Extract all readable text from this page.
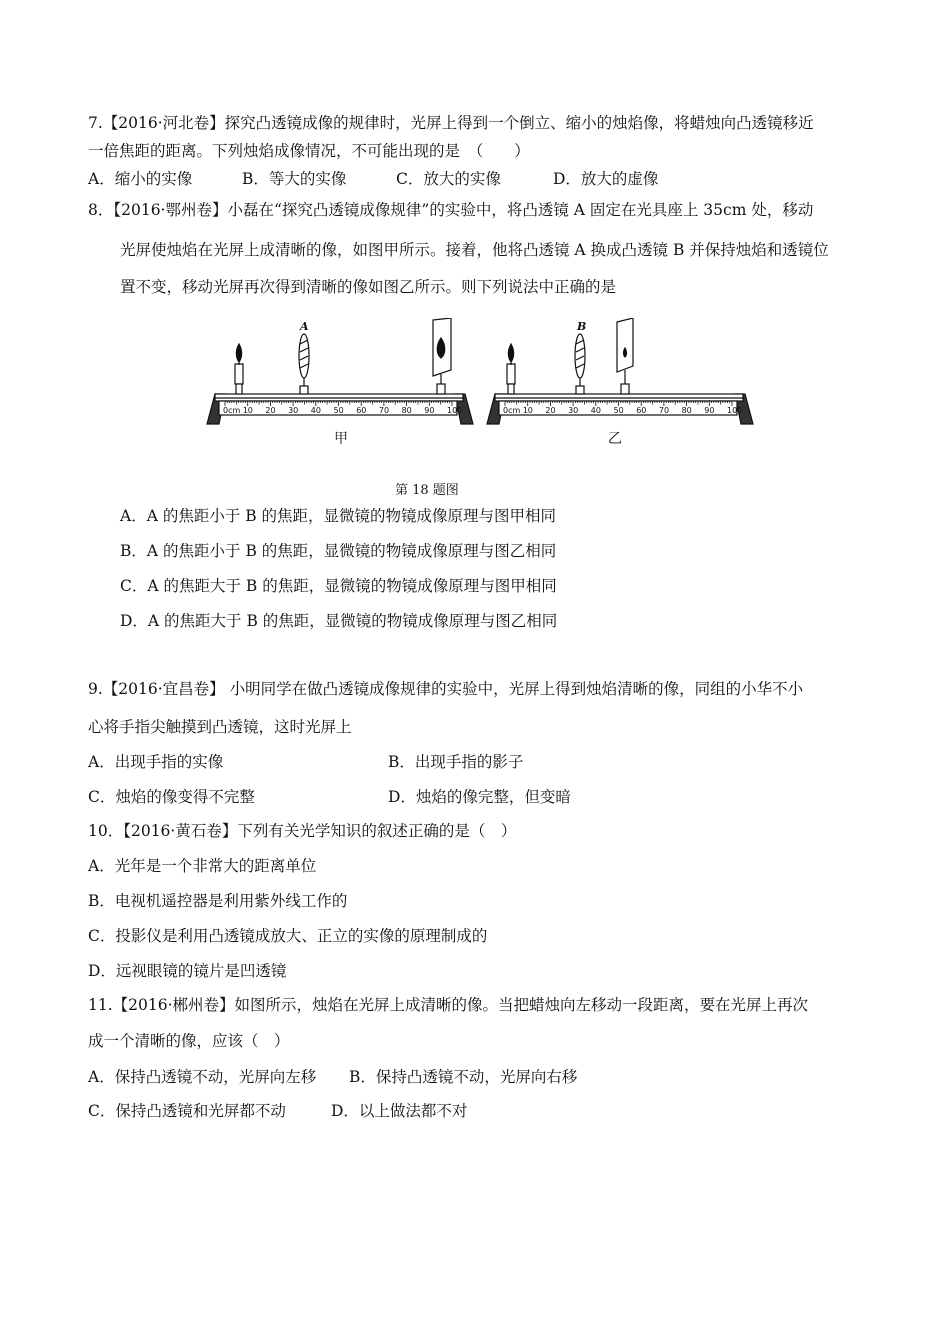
7.【2016·河北卷】探究凸透镜成像的规律时，光屏上得到一个倒立、缩小的烛焰像，将蜡烛向凸透镜移近
一倍焦距的距离。下列烛焰成像情况，不可能出现的是　（　　）
A．缩小的实像	B．等大的实像	C．放大的实像	D．放大的虚像
8．【2016·鄂州卷】小磊在“探究凸透镜成像规律”的实验中，将凸透镜 A 固定在光具座上 35cm 处，移动
光屏使烛焰在光屏上成清晰的像，如图甲所示。接着，他将凸透镜 A 换成凸透镜 B 并保持烛焰和透镜位
置不变，移动光屏再次得到清晰的像如图乙所示。则下列说法中正确的是
0cm 10 20 30 40 50 60 70 80 90 100
A
0cm 10 20 30 40 50 60 70 80 90 100
B
甲	乙
第 18 题图
A．A 的焦距小于 B 的焦距，显微镜的物镜成像原理与图甲相同
B．A 的焦距小于 B 的焦距，显微镜的物镜成像原理与图乙相同
C．A 的焦距大于 B 的焦距，显微镜的物镜成像原理与图甲相同
D．A 的焦距大于 B 的焦距，显微镜的物镜成像原理与图乙相同
9.【2016·宜昌卷】 小明同学在做凸透镜成像规律的实验中，光屏上得到烛焰清晰的像，同组的小华不小
心将手指尖触摸到凸透镜，这时光屏上
A．出现手指的实像	B．出现手指的影子
C．烛焰的像变得不完整	D．烛焰的像完整，但变暗
10．【2016·黄石卷】下列有关光学知识的叙述正确的是（　）
A．光年是一个非常大的距离单位
B．电视机遥控器是利用紫外线工作的
C．投影仪是利用凸透镜成放大、正立的实像的原理制成的
D．远视眼镜的镜片是凹透镜
11.【2016·郴州卷】如图所示，烛焰在光屏上成清晰的像。当把蜡烛向左移动一段距离，要在光屏上再次
成一个清晰的像，应该（　）
A．保持凸透镜不动，光屏向左移 B．保持凸透镜不动，光屏向右移
C．保持凸透镜和光屏都不动	D．以上做法都不对
